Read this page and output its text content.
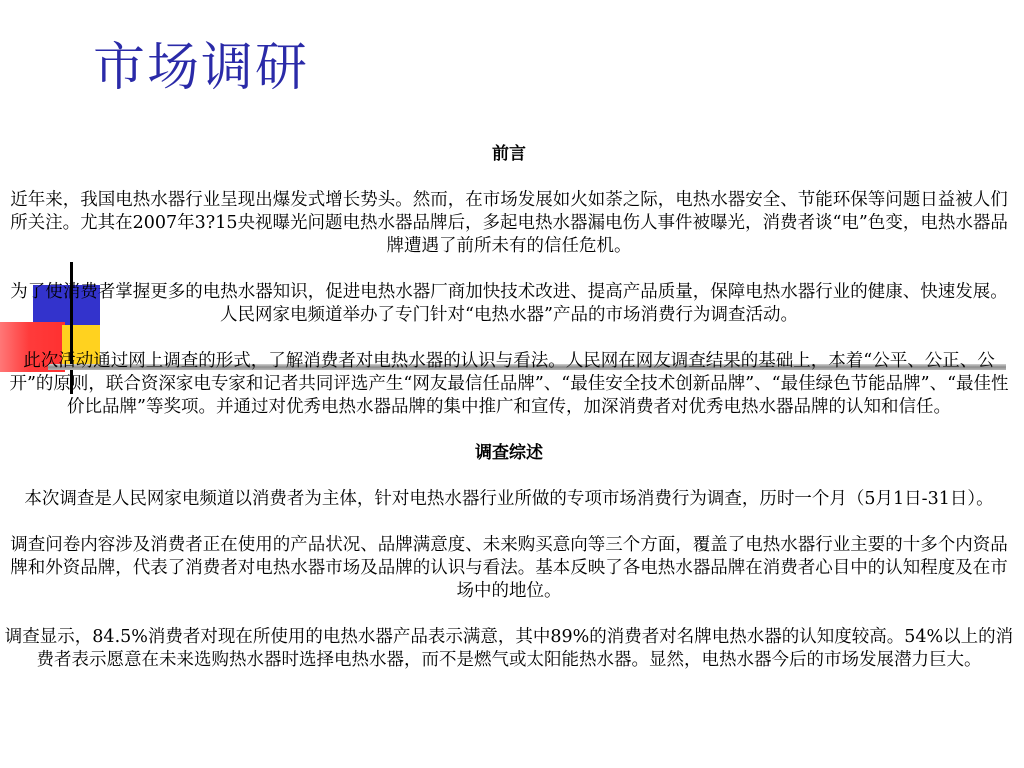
市场调研

前言

近年来，我国电热水器行业呈现出爆发式增长势头。然而，在市场发展如火如荼之际，电热水器安全、节能环保等问题日益被人们所关注。尤其在2007年3?15央视曝光问题电热水器品牌后，多起电热水器漏电伤人事件被曝光，消费者谈“电”色变，电热水器品牌遭遇了前所未有的信任危机。

为了使消费者掌握更多的电热水器知识，促进电热水器厂商加快技术改进、提高产品质量，保障电热水器行业的健康、快速发展。人民网家电频道举办了专门针对“电热水器”产品的市场消费行为调查活动。

此次活动通过网上调查的形式，了解消费者对电热水器的认识与看法。人民网在网友调查结果的基础上，本着“公平、公正、公开”的原则，联合资深家电专家和记者共同评选产生“网友最信任品牌”、“最佳安全技术创新品牌”、“最佳绿色节能品牌”、“最佳性价比品牌”等奖项。并通过对优秀电热水器品牌的集中推广和宣传，加深消费者对优秀电热水器品牌的认知和信任。

调查综述

本次调查是人民网家电频道以消费者为主体，针对电热水器行业所做的专项市场消费行为调查，历时一个月（5月1日-31日）。

调查问卷内容涉及消费者正在使用的产品状况、品牌满意度、未来购买意向等三个方面，覆盖了电热水器行业主要的十多个内资品牌和外资品牌，代表了消费者对电热水器市场及品牌的认识与看法。基本反映了各电热水器品牌在消费者心目中的认知程度及在市场中的地位。

调查显示，84.5%消费者对现在所使用的电热水器产品表示满意，其中89%的消费者对名牌电热水器的认知度较高。54%以上的消费者表示愿意在未来选购热水器时选择电热水器，而不是燃气或太阳能热水器。显然，电热水器今后的市场发展潜力巨大。
